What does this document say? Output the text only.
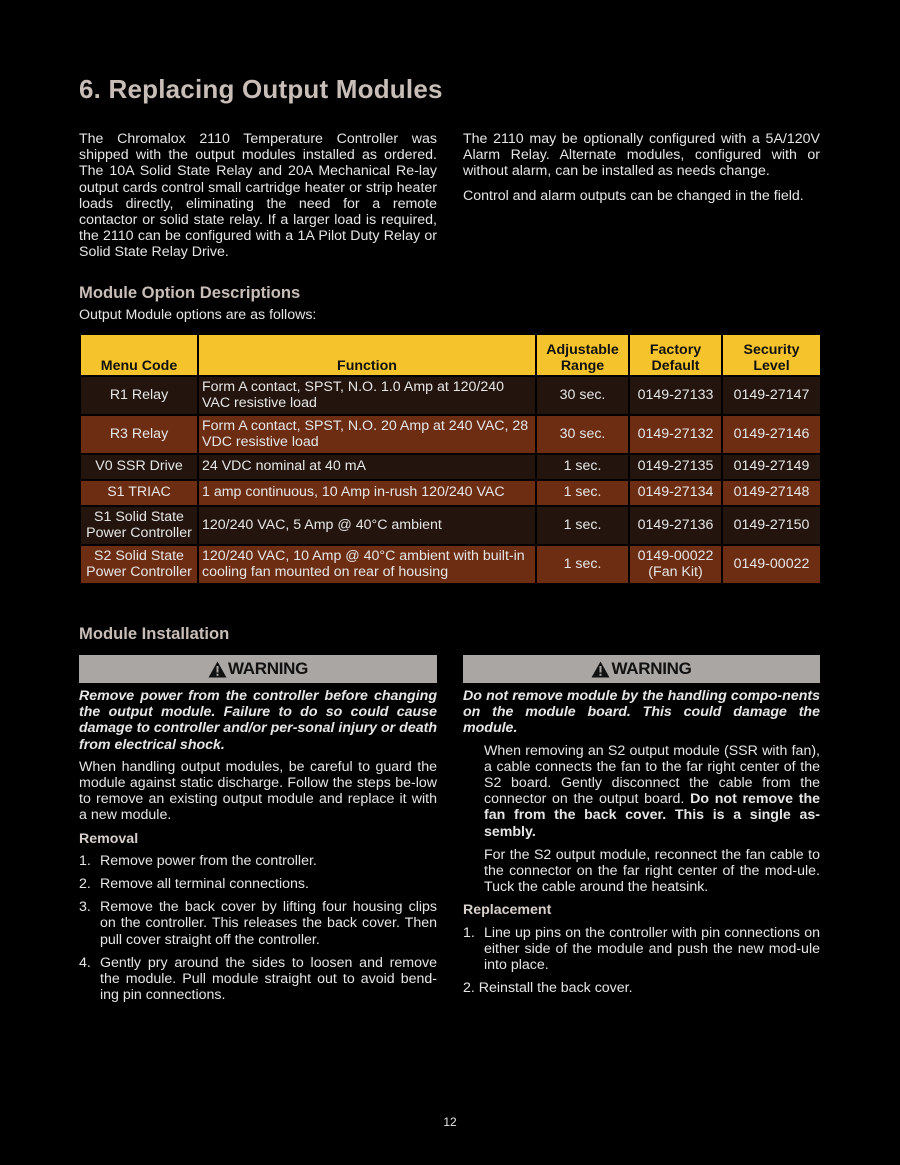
6. Replacing Output Modules

The Chromalox 2110 Temperature Controller was shipped with the output modules installed as ordered. The 10A Solid State Relay and 20A Mechanical Re-lay output cards control small cartridge heater or strip heater loads directly, eliminating the need for a remote contactor or solid state relay. If a larger load is required, the 2110 can be configured with a 1A Pilot Duty Relay or Solid State Relay Drive.

The 2110 may be optionally configured with a 5A/120V Alarm Relay. Alternate modules, configured with or without alarm, can be installed as needs change.

Control and alarm outputs can be changed in the field.

Module Option Descriptions
Output Module options are as follows:
Menu Code	Function	Adjustable Range	Factory Default	Security Level
R1 Relay	Form A contact, SPST, N.O. 1.0 Amp at 120/240 VAC resistive load	30 sec.	0149-27133	0149-27147
R3 Relay	Form A contact, SPST, N.O. 20 Amp at 240 VAC, 28 VDC resistive load	30 sec.	0149-27132	0149-27146
V0 SSR Drive	24 VDC nominal at 40 mA	1 sec.	0149-27135	0149-27149
S1 TRIAC	1 amp continuous, 10 Amp in-rush 120/240 VAC	1 sec.	0149-27134	0149-27148
S1 Solid State Power Controller	120/240 VAC, 5 Amp @ 40°C ambient	1 sec.	0149-27136	0149-27150
S2 Solid State Power Controller	120/240 VAC, 10 Amp @ 40°C ambient with built-in cooling fan mounted on rear of housing	1 sec.	0149-00022 (Fan Kit)	0149-00022
Module Installation
WARNING	WARNING

Remove power from the controller before changing the output module. Failure to do so could cause damage to controller and/or per-sonal injury or death from electrical shock.

When handling output modules, be careful to guard the module against static discharge. Follow the steps be-low to remove an existing output module and replace it with a new module.

Removal
1. Remove power from the controller.
2. Remove all terminal connections.
3. Remove the back cover by lifting four housing clips on the controller. This releases the back cover. Then pull cover straight off the controller.
4. Gently pry around the sides to loosen and remove the module. Pull module straight out to avoid bend-ing pin connections.

Do not remove module by the handling compo-nents on the module board. This could damage the module.

When removing an S2 output module (SSR with fan), a cable connects the fan to the far right center of the S2 board. Gently disconnect the cable from the connector on the output board. Do not remove the fan from the back cover. This is a single as-sembly.

For the S2 output module, reconnect the fan cable to the connector on the far right center of the mod-ule. Tuck the cable around the heatsink.

Replacement
1. Line up pins on the controller with pin connections on either side of the module and push the new mod-ule into place.

2. Reinstall the back cover.

12
